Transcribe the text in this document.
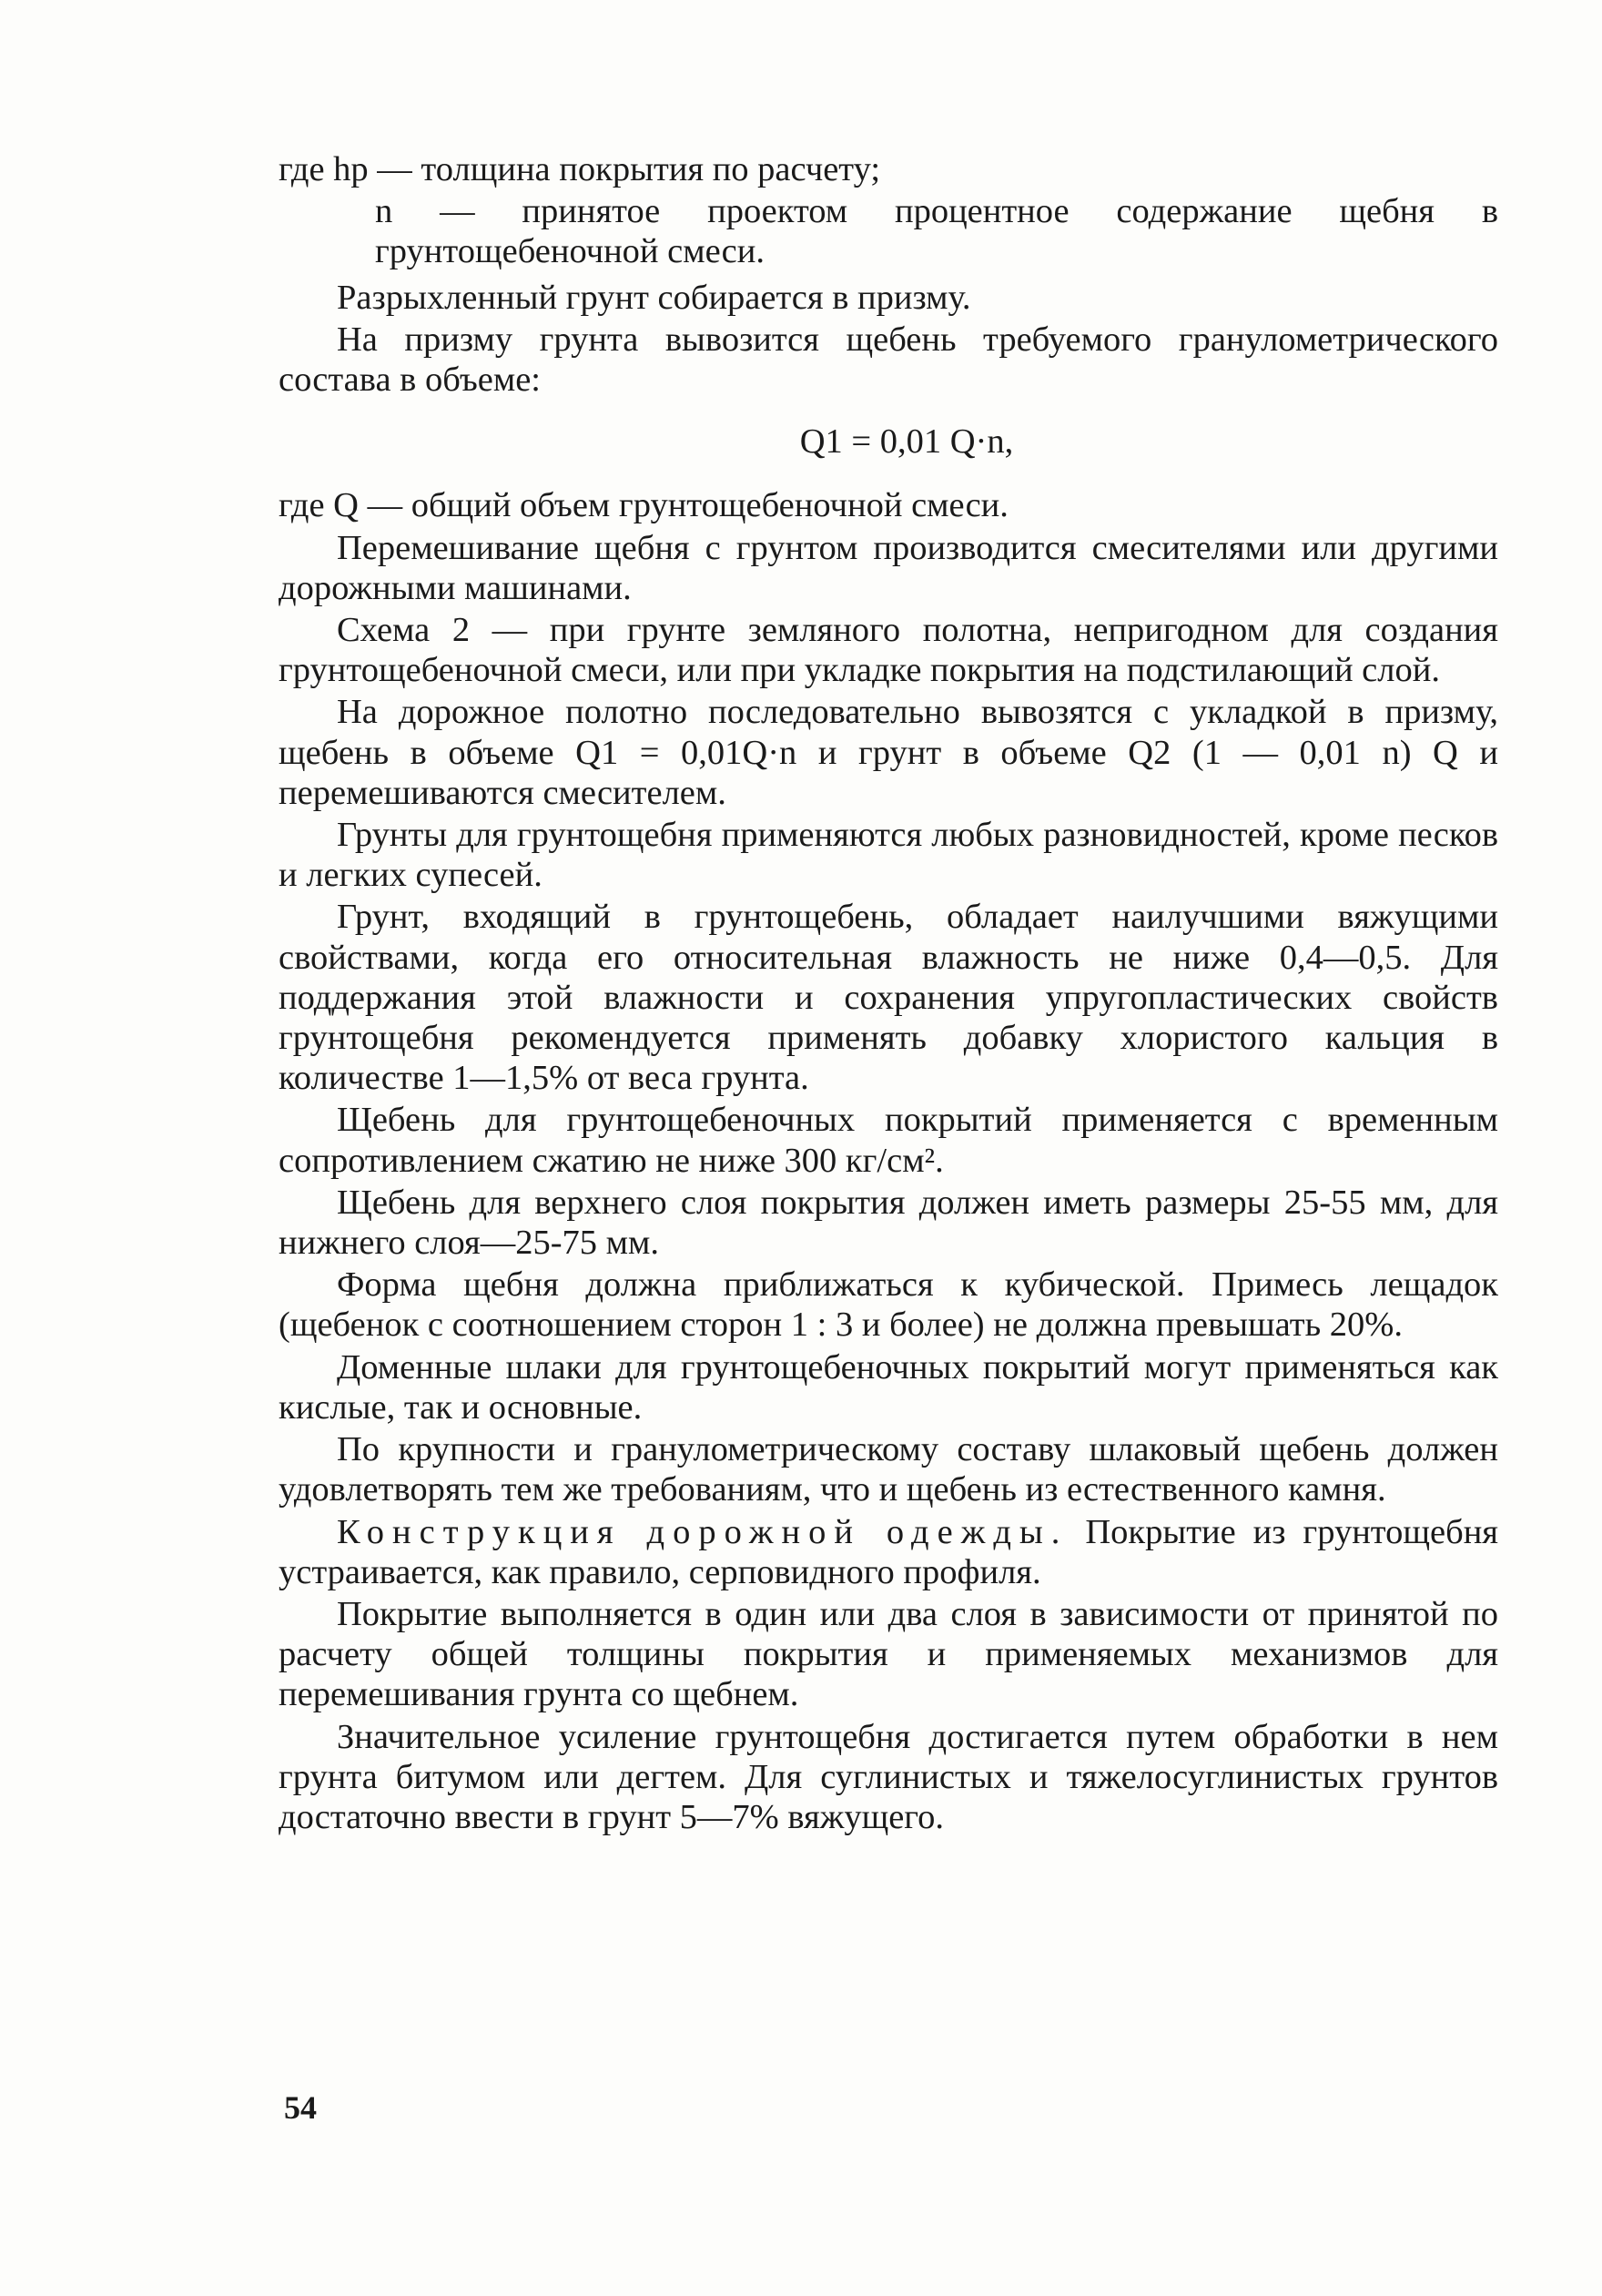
где hр — толщина покрытия по расчету;

n — принятое проектом процентное содержание щебня в грунтощебеночной смеси.

Разрыхленный грунт собирается в призму.

На призму грунта вывозится щебень требуемого гранулометрического состава в объеме:

Q1 = 0,01 Q·n,

где Q — общий объем грунтощебеночной смеси.

Перемешивание щебня с грунтом производится смесителями или другими дорожными машинами.

Схема 2 — при грунте земляного полотна, непригодном для создания грунтощебеночной смеси, или при укладке покрытия на подстилающий слой.

На дорожное полотно последовательно вывозятся с укладкой в призму, щебень в объеме Q1 = 0,01Q·n и грунт в объеме Q2 (1 — 0,01 n) Q и перемешиваются смесителем.

Грунты для грунтощебня применяются любых разновидностей, кроме песков и легких супесей.

Грунт, входящий в грунтощебень, обладает наилучшими вяжущими свойствами, когда его относительная влажность не ниже 0,4—0,5. Для поддержания этой влажности и сохранения упругопластических свойств грунтощебня рекомендуется применять добавку хлористого кальция в количестве 1—1,5% от веса грунта.

Щебень для грунтощебеночных покрытий применяется с временным сопротивлением сжатию не ниже 300 кг/см².

Щебень для верхнего слоя покрытия должен иметь размеры 25-55 мм, для нижнего слоя—25-75 мм.

Форма щебня должна приближаться к кубической. Примесь лещадок (щебенок с соотношением сторон 1 : 3 и более) не должна превышать 20%.

Доменные шлаки для грунтощебеночных покрытий могут применяться как кислые, так и основные.

По крупности и гранулометрическому составу шлаковый щебень должен удовлетворять тем же требованиям, что и щебень из естественного камня.

Конструкция дорожной одежды. Покрытие из грунтощебня устраивается, как правило, серповидного профиля.

Покрытие выполняется в один или два слоя в зависимости от принятой по расчету общей толщины покрытия и применяемых механизмов для перемешивания грунта со щебнем.

Значительное усиление грунтощебня достигается путем обработки в нем грунта битумом или дегтем. Для суглинистых и тяжелосуглинистых грунтов достаточно ввести в грунт 5—7% вяжущего.

54
